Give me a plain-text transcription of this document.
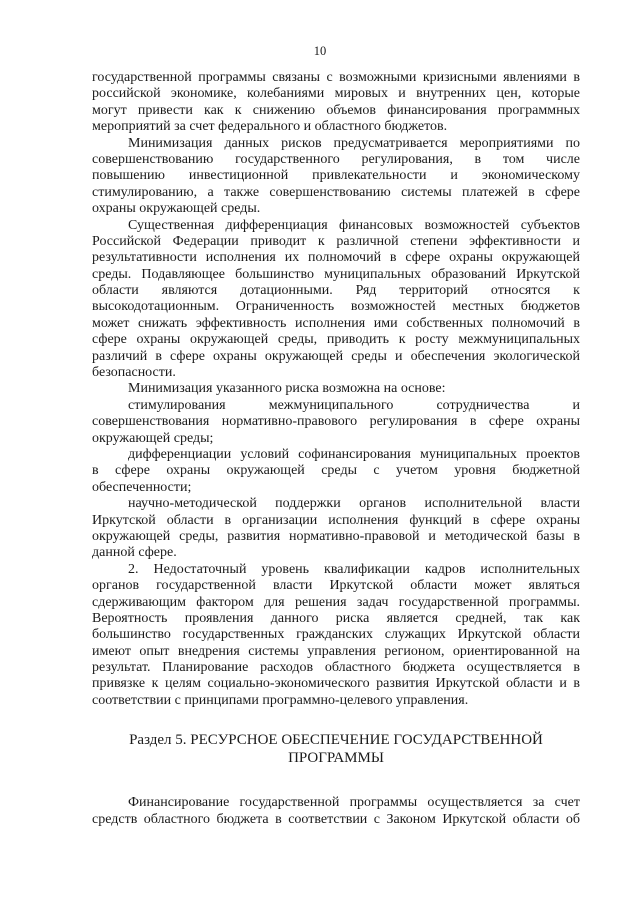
10
государственной программы связаны с возможными кризисными явлениями в
российской экономике, колебаниями мировых и внутренних цен, которые
могут привести как к снижению объемов финансирования программных
мероприятий за счет федерального и областного бюджетов.
Минимизация данных рисков предусматривается мероприятиями по
совершенствованию государственного регулирования, в том числе
повышению инвестиционной привлекательности и экономическому
стимулированию, а также совершенствованию системы платежей в сфере
охраны окружающей среды.
Существенная дифференциация финансовых возможностей субъектов
Российской Федерации приводит к различной степени эффективности и
результативности исполнения их полномочий в сфере охраны окружающей
среды. Подавляющее большинство муниципальных образований Иркутской
области являются дотационными. Ряд территорий относятся к
высокодотационным. Ограниченность возможностей местных бюджетов
может снижать эффективность исполнения ими собственных полномочий в
сфере охраны окружающей среды, приводить к росту межмуниципальных
различий в сфере охраны окружающей среды и обеспечения экологической
безопасности.
Минимизация указанного риска возможна на основе:
стимулирования межмуниципального сотрудничества и
совершенствования нормативно-правового регулирования в сфере охраны
окружающей среды;
дифференциации условий софинансирования муниципальных проектов
в сфере охраны окружающей среды с учетом уровня бюджетной
обеспеченности;
научно-методической поддержки органов исполнительной власти
Иркутской области в организации исполнения функций в сфере охраны
окружающей среды, развития нормативно-правовой и методической базы в
данной сфере.
2. Недостаточный уровень квалификации кадров исполнительных
органов государственной власти Иркутской области может являться
сдерживающим фактором для решения задач государственной программы.
Вероятность проявления данного риска является средней, так как
большинство государственных гражданских служащих Иркутской области
имеют опыт внедрения системы управления регионом, ориентированной на
результат. Планирование расходов областного бюджета осуществляется в
привязке к целям социально-экономического развития Иркутской области и в
соответствии с принципами программно-целевого управления.
Раздел 5. РЕСУРСНОЕ ОБЕСПЕЧЕНИЕ ГОСУДАРСТВЕННОЙ
ПРОГРАММЫ
Финансирование государственной программы осуществляется за счет
средств областного бюджета в соответствии с Законом Иркутской области об
